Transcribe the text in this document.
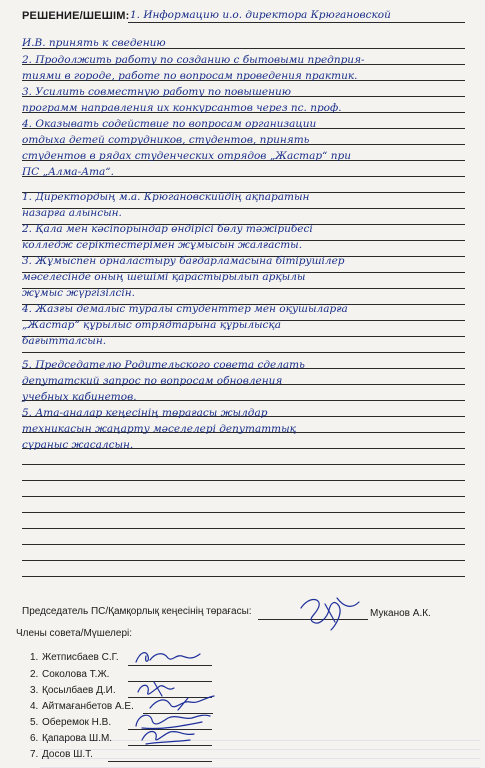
РЕШЕНИЕ/ШЕШІМ: 1. Информацию и.о. директора Крюгановской
И.В. принять к сведению
2. Продолжить работу по созданию с бытовыми предприя-
тиями в городе, работе по вопросам проведения практик.
3. Усилить совместную работу по повышению
программ направления их конкурсантов через пс. проф.
4. Оказывать содействие по вопросам организации
отдыха детей сотрудников, студентов, принять
студентов в рядах студенческих отрядов „Жастар“ при
ПС „Алма-Ата“.
1. Директордың м.а. Крюгановскийдің ақпаратын
назарға алынсын.
2. Қала мен кәсіпорындар өндірісі бөлу тәжірибесі
колледж серіктестерімен жұмысын жалғасты.
3. Жұмыспен орналастыру бағдарламасына бітірушілер
мәселесінде оның шешімі қарастырылып арқылы
жұмыс жүргізілсін.
4. Жазғы демалыс туралы студенттер мен оқушыларға
„Жастар“ құрылыс отрядтарына құрылысқа
бағытталсын.
5. Председателю Родительского совета сделать
депутатский запрос по вопросам обновления
учебных кабинетов.
5. Ата-аналар кеңесінің төрағасы жылдар
техникасын жаңарту мәселелері депутаттық
сұраныс жасалсын.
Председатель ПС/Қамқорлық кеңесінің төрағасы:	Муканов А.К.
Члены совета/Мүшелері:
1. Жетписбаев С.Г.
2. Соколова Т.Ж.
3. Қосылбаев Д.И.
4. Айтмағанбетов А.Е.
5. Оберемок Н.В.
6. Қапарова Ш.М.
7. Досов Ш.Т.
